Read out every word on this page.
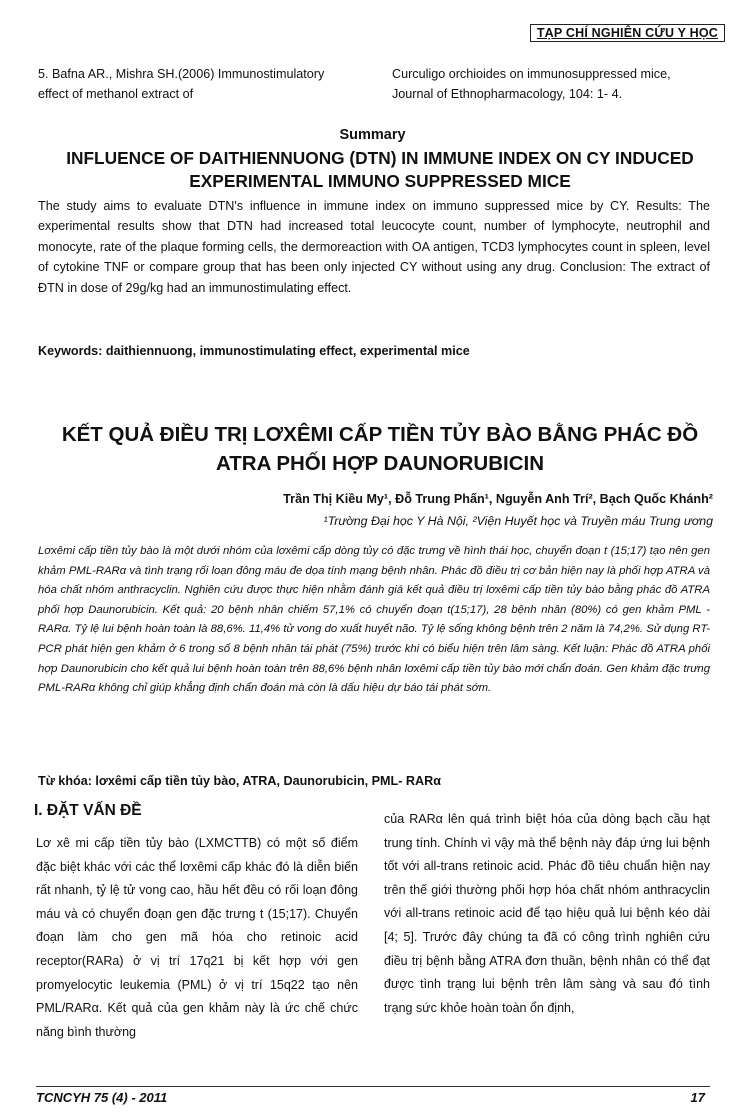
TẠP CHÍ NGHIÊN CỨU Y HỌC
5. Bafna AR., Mishra SH.(2006) Immunostimulatory effect of methanol extract of
Curculigo orchioides on immunosuppressed mice, Journal of Ethnopharmacology, 104: 1- 4.
Summary
INFLUENCE OF DAITHIENNUONG (DTN) IN IMMUNE INDEX ON CY INDUCED EXPERIMENTAL IMMUNO SUPPRESSED MICE
The study aims to evaluate DTN's influence in immune index on immuno suppressed mice by CY. Results: The experimental results show that DTN had increased total leucocyte count, number of lymphocyte, neutrophil and monocyte, rate of the plaque forming cells, the dermoreaction with OA antigen, TCD3 lymphocytes count in spleen, level of cytokine TNF or compare group that has been only injected CY without using any drug. Conclusion: The extract of ĐTN in dose of 29g/kg had an immunostimulating effect.
Keywords: daithiennuong, immunostimulating effect, experimental mice
KẾT QUẢ ĐIỀU TRỊ LƠXÊMI CẤP TIỀN TỦY BÀO BẰNG PHÁC ĐỒ ATRA PHỐI HỢP DAUNORUBICIN
Trần Thị Kiều My¹, Đỗ Trung Phấn¹, Nguyễn Anh Trí², Bạch Quốc Khánh²
¹Trường Đại học Y Hà Nội, ²Viện Huyết học và Truyền máu Trung ương
Lơxêmi cấp tiền tủy bào là một dưới nhóm của lơxêmi cấp dòng tủy có đặc trưng về hình thái học, chuyển đoạn t (15;17) tạo nên gen khảm PML-RARα và tình trạng rối loạn đông máu đe dọa tính mạng bệnh nhân. Phác đồ điều trị cơ bản hiện nay là phối hợp ATRA và hóa chất nhóm anthracyclin. Nghiên cứu được thực hiện nhằm đánh giá kết quả điều trị lơxêmi cấp tiền tủy bào bằng phác đồ ATRA phối hợp Daunorubicin. Kết quả: 20 bệnh nhân chiếm 57,1% có chuyển đoạn t(15;17), 28 bệnh nhân (80%) có gen khảm PML - RARα. Tỷ lệ lui bệnh hoàn toàn là 88,6%. 11,4% tử vong do xuất huyết não. Tỷ lệ sống không bệnh trên 2 năm là 74,2%. Sử dụng RT-PCR phát hiện gen khảm ở 6 trong số 8 bệnh nhân tái phát (75%) trước khi có biểu hiện trên lâm sàng. Kết luận: Phác đồ ATRA phối hợp Daunorubicin cho kết quả lui bệnh hoàn toàn trên 88,6% bệnh nhân lơxêmi cấp tiền tủy bào mới chẩn đoán. Gen khảm đặc trưng PML-RARα không chỉ giúp khẳng định chẩn đoán mà còn là dấu hiệu dự báo tái phát sớm.
Từ khóa: lơxêmi cấp tiền tủy bào, ATRA, Daunorubicin, PML- RARα
I. ĐẶT VẤN ĐỀ
Lơ xê mi cấp tiền tủy bào (LXMCTTB) có một số điểm đặc biệt khác với các thể lơxêmi cấp khác đó là diễn biến rất nhanh, tỷ lệ tử vong cao, hầu hết đều có rối loạn đông máu và có chuyển đoạn gen đặc trưng t (15;17). Chuyển đoạn làm cho gen mã hóa cho retinoic acid receptor(RARa) ở vị trí 17q21 bị kết hợp với gen promyelocytic leukemia (PML) ở vị trí 15q22 tạo nên PML/RARα. Kết quả của gen khảm này là ức chế chức năng bình thường
của RARα lên quá trình biệt hóa của dòng bạch cầu hạt trung tính. Chính vì vậy mà thể bệnh này đáp ứng lui bệnh tốt với all-trans retinoic acid. Phác đồ tiêu chuẩn hiện nay trên thế giới thường phối hợp hóa chất nhóm anthracyclin với all-trans retinoic acid để tạo hiệu quả lui bệnh kéo dài [4; 5]. Trước đây chúng ta đã có công trình nghiên cứu điều trị bệnh bằng ATRA đơn thuần, bệnh nhân có thể đạt được tình trạng lui bệnh trên lâm sàng và sau đó tình trạng sức khỏe hoàn toàn ổn định,
TCNCYH 75 (4) - 2011	17
